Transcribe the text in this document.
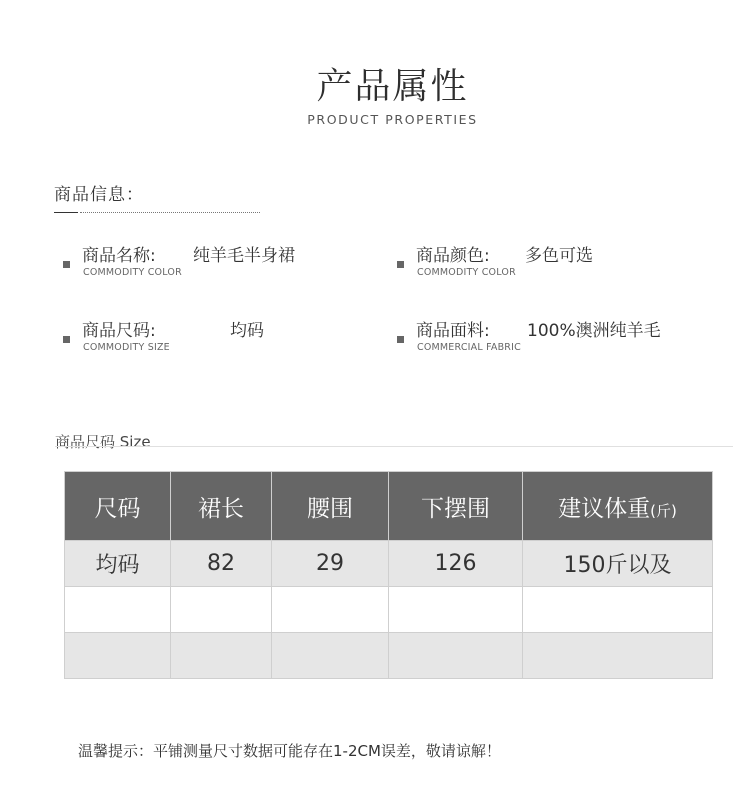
产品属性
PRODUCT PROPERTIES
商品信息：
商品名称:
COMMODITY COLOR
纯羊毛半身裙	商品颜色:
COMMODITY COLOR
多色可选
商品尺码:
COMMODITY SIZE
均码	商品面料:
COMMERCIAL FABRIC
100%澳洲纯羊毛
商品尺码 Size
尺码	裙长	腰围	下摆围	建议体重(斤)
均码	82	29	126	150斤以及

温馨提示：平铺测量尺寸数据可能存在1-2CM误差，敬请谅解！
